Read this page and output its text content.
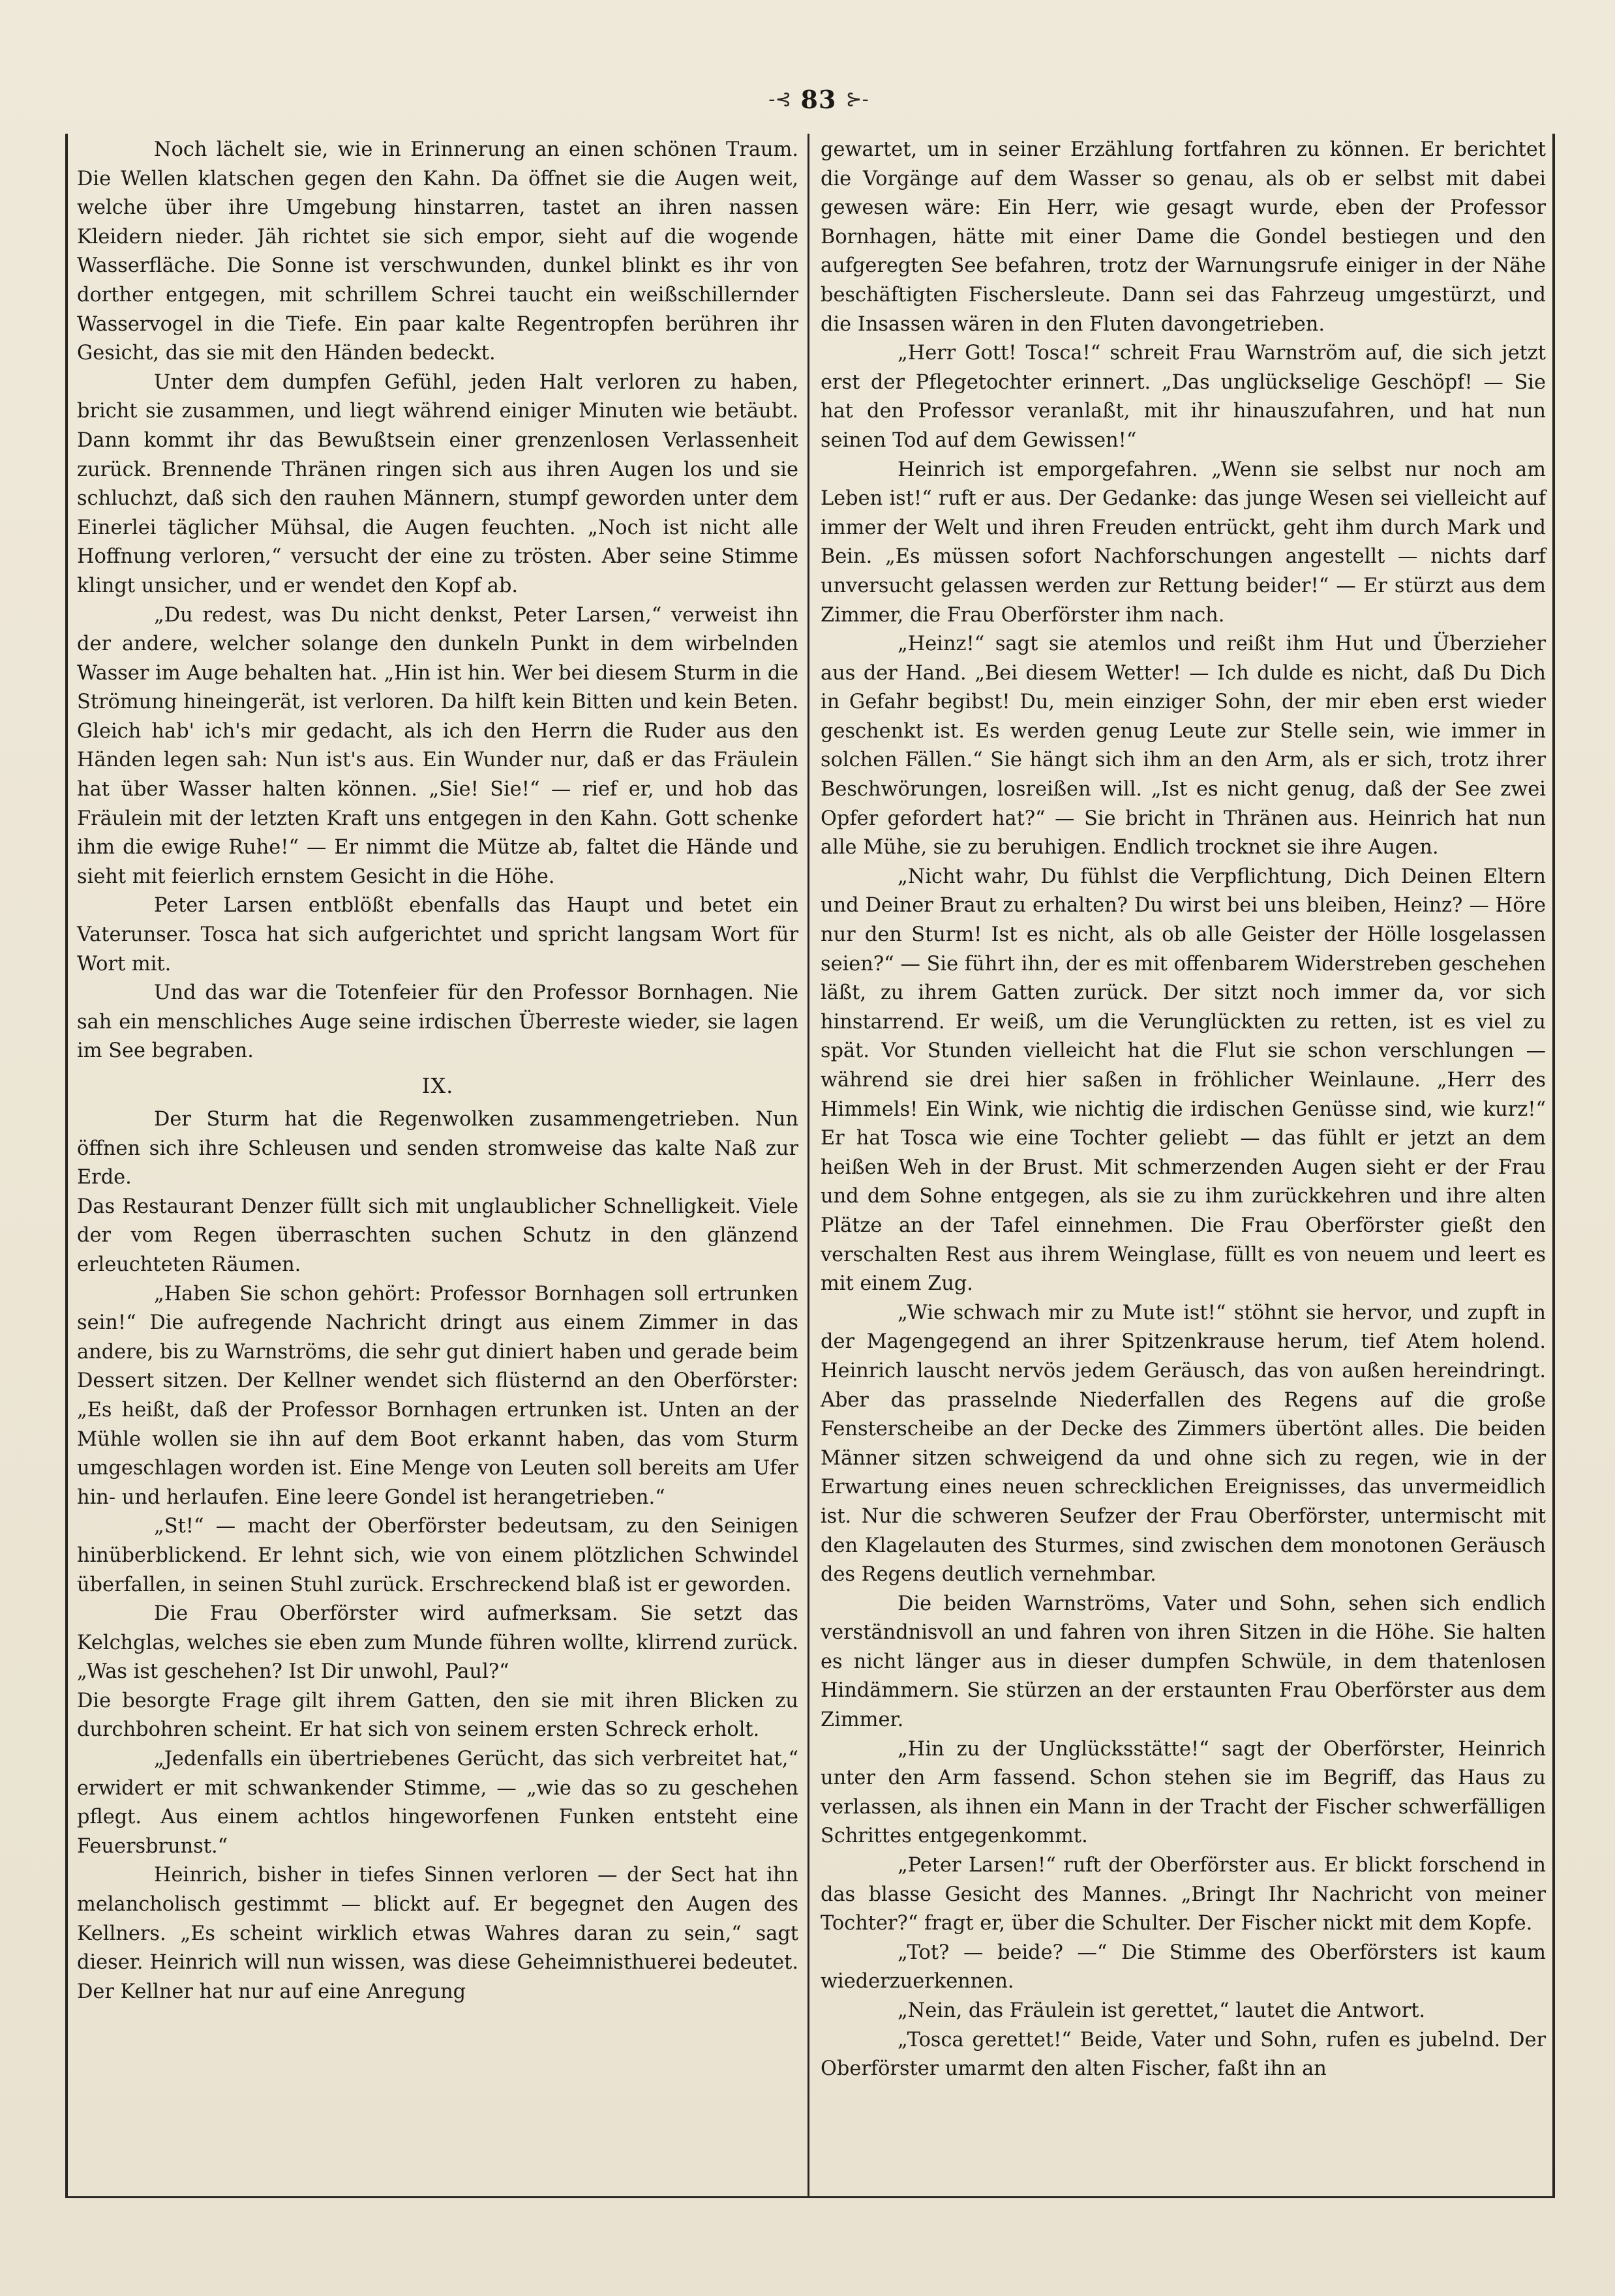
-⊰ 83 ⊱-

Noch lächelt sie, wie in Erinnerung an einen schönen Traum. Die Wellen klatschen gegen den Kahn. Da öffnet sie die Augen weit, welche über ihre Umgebung hinstarren, tastet an ihren nassen Kleidern nieder. Jäh richtet sie sich empor, sieht auf die wogende Wasserfläche. Die Sonne ist verschwunden, dunkel blinkt es ihr von dorther entgegen, mit schrillem Schrei taucht ein weißschillernder Wasservogel in die Tiefe. Ein paar kalte Regentropfen berühren ihr Gesicht, das sie mit den Händen bedeckt.

Unter dem dumpfen Gefühl, jeden Halt verloren zu haben, bricht sie zusammen, und liegt während einiger Minuten wie betäubt. Dann kommt ihr das Bewußtsein einer grenzenlosen Verlassenheit zurück. Brennende Thränen ringen sich aus ihren Augen los und sie schluchzt, daß sich den rauhen Männern, stumpf geworden unter dem Einerlei täglicher Mühsal, die Augen feuchten. „Noch ist nicht alle Hoffnung verloren,“ versucht der eine zu trösten. Aber seine Stimme klingt unsicher, und er wendet den Kopf ab.

„Du redest, was Du nicht denkst, Peter Larsen,“ verweist ihn der andere, welcher solange den dunkeln Punkt in dem wirbelnden Wasser im Auge behalten hat. „Hin ist hin. Wer bei diesem Sturm in die Strömung hineingerät, ist verloren. Da hilft kein Bitten und kein Beten. Gleich hab' ich's mir gedacht, als ich den Herrn die Ruder aus den Händen legen sah: Nun ist's aus. Ein Wunder nur, daß er das Fräulein hat über Wasser halten können. „Sie! Sie!“ — rief er, und hob das Fräulein mit der letzten Kraft uns entgegen in den Kahn. Gott schenke ihm die ewige Ruhe!“ — Er nimmt die Mütze ab, faltet die Hände und sieht mit feierlich ernstem Gesicht in die Höhe.

Peter Larsen entblößt ebenfalls das Haupt und betet ein Vaterunser. Tosca hat sich aufgerichtet und spricht langsam Wort für Wort mit.

Und das war die Totenfeier für den Professor Bornhagen. Nie sah ein menschliches Auge seine irdischen Überreste wieder, sie lagen im See begraben.

IX.

Der Sturm hat die Regenwolken zusammengetrieben. Nun öffnen sich ihre Schleusen und senden stromweise das kalte Naß zur Erde.

Das Restaurant Denzer füllt sich mit unglaublicher Schnelligkeit. Viele der vom Regen überraschten suchen Schutz in den glänzend erleuchteten Räumen.

„Haben Sie schon gehört: Professor Bornhagen soll ertrunken sein!“ Die aufregende Nachricht dringt aus einem Zimmer in das andere, bis zu Warnströms, die sehr gut diniert haben und gerade beim Dessert sitzen. Der Kellner wendet sich flüsternd an den Oberförster: „Es heißt, daß der Professor Bornhagen ertrunken ist. Unten an der Mühle wollen sie ihn auf dem Boot erkannt haben, das vom Sturm umgeschlagen worden ist. Eine Menge von Leuten soll bereits am Ufer hin- und herlaufen. Eine leere Gondel ist herangetrieben.“

„St!“ — macht der Oberförster bedeutsam, zu den Seinigen hinüberblickend. Er lehnt sich, wie von einem plötzlichen Schwindel überfallen, in seinen Stuhl zurück. Erschreckend blaß ist er geworden.

Die Frau Oberförster wird aufmerksam. Sie setzt das Kelchglas, welches sie eben zum Munde führen wollte, klirrend zurück. „Was ist geschehen? Ist Dir unwohl, Paul?“

Die besorgte Frage gilt ihrem Gatten, den sie mit ihren Blicken zu durchbohren scheint. Er hat sich von seinem ersten Schreck erholt.

„Jedenfalls ein übertriebenes Gerücht, das sich verbreitet hat,“ erwidert er mit schwankender Stimme, — „wie das so zu geschehen pflegt. Aus einem achtlos hingeworfenen Funken entsteht eine Feuersbrunst.“

Heinrich, bisher in tiefes Sinnen verloren — der Sect hat ihn melancholisch gestimmt — blickt auf. Er begegnet den Augen des Kellners. „Es scheint wirklich etwas Wahres daran zu sein,“ sagt dieser. Heinrich will nun wissen, was diese Geheimnisthuerei bedeutet. Der Kellner hat nur auf eine Anregung

gewartet, um in seiner Erzählung fortfahren zu können. Er berichtet die Vorgänge auf dem Wasser so genau, als ob er selbst mit dabei gewesen wäre: Ein Herr, wie gesagt wurde, eben der Professor Bornhagen, hätte mit einer Dame die Gondel bestiegen und den aufgeregten See befahren, trotz der Warnungsrufe einiger in der Nähe beschäftigten Fischersleute. Dann sei das Fahrzeug umgestürzt, und die Insassen wären in den Fluten davongetrieben.

„Herr Gott! Tosca!“ schreit Frau Warnström auf, die sich jetzt erst der Pflegetochter erinnert. „Das unglückselige Geschöpf! — Sie hat den Professor veranlaßt, mit ihr hinauszufahren, und hat nun seinen Tod auf dem Gewissen!“

Heinrich ist emporgefahren. „Wenn sie selbst nur noch am Leben ist!“ ruft er aus. Der Gedanke: das junge Wesen sei vielleicht auf immer der Welt und ihren Freuden entrückt, geht ihm durch Mark und Bein. „Es müssen sofort Nachforschungen angestellt — nichts darf unversucht gelassen werden zur Rettung beider!“ — Er stürzt aus dem Zimmer, die Frau Oberförster ihm nach.

„Heinz!“ sagt sie atemlos und reißt ihm Hut und Überzieher aus der Hand. „Bei diesem Wetter! — Ich dulde es nicht, daß Du Dich in Gefahr begibst! Du, mein einziger Sohn, der mir eben erst wieder geschenkt ist. Es werden genug Leute zur Stelle sein, wie immer in solchen Fällen.“ Sie hängt sich ihm an den Arm, als er sich, trotz ihrer Beschwörungen, losreißen will. „Ist es nicht genug, daß der See zwei Opfer gefordert hat?“ — Sie bricht in Thränen aus. Heinrich hat nun alle Mühe, sie zu beruhigen. Endlich trocknet sie ihre Augen.

„Nicht wahr, Du fühlst die Verpflichtung, Dich Deinen Eltern und Deiner Braut zu erhalten? Du wirst bei uns bleiben, Heinz? — Höre nur den Sturm! Ist es nicht, als ob alle Geister der Hölle losgelassen seien?“ — Sie führt ihn, der es mit offenbarem Widerstreben geschehen läßt, zu ihrem Gatten zurück. Der sitzt noch immer da, vor sich hinstarrend. Er weiß, um die Verunglückten zu retten, ist es viel zu spät. Vor Stunden vielleicht hat die Flut sie schon verschlungen — während sie drei hier saßen in fröhlicher Weinlaune. „Herr des Himmels! Ein Wink, wie nichtig die irdischen Genüsse sind, wie kurz!“ Er hat Tosca wie eine Tochter geliebt — das fühlt er jetzt an dem heißen Weh in der Brust. Mit schmerzenden Augen sieht er der Frau und dem Sohne entgegen, als sie zu ihm zurückkehren und ihre alten Plätze an der Tafel einnehmen. Die Frau Oberförster gießt den verschalten Rest aus ihrem Weinglase, füllt es von neuem und leert es mit einem Zug.

„Wie schwach mir zu Mute ist!“ stöhnt sie hervor, und zupft in der Magengegend an ihrer Spitzenkrause herum, tief Atem holend. Heinrich lauscht nervös jedem Geräusch, das von außen hereindringt. Aber das prasselnde Niederfallen des Regens auf die große Fensterscheibe an der Decke des Zimmers übertönt alles. Die beiden Männer sitzen schweigend da und ohne sich zu regen, wie in der Erwartung eines neuen schrecklichen Ereignisses, das unvermeidlich ist. Nur die schweren Seufzer der Frau Oberförster, untermischt mit den Klagelauten des Sturmes, sind zwischen dem monotonen Geräusch des Regens deutlich vernehmbar.

Die beiden Warnströms, Vater und Sohn, sehen sich endlich verständnisvoll an und fahren von ihren Sitzen in die Höhe. Sie halten es nicht länger aus in dieser dumpfen Schwüle, in dem thatenlosen Hindämmern. Sie stürzen an der erstaunten Frau Oberförster aus dem Zimmer.

„Hin zu der Unglücksstätte!“ sagt der Oberförster, Heinrich unter den Arm fassend. Schon stehen sie im Begriff, das Haus zu verlassen, als ihnen ein Mann in der Tracht der Fischer schwerfälligen Schrittes entgegenkommt.

„Peter Larsen!“ ruft der Oberförster aus. Er blickt forschend in das blasse Gesicht des Mannes. „Bringt Ihr Nachricht von meiner Tochter?“ fragt er, über die Schulter. Der Fischer nickt mit dem Kopfe.

„Tot? — beide? —“ Die Stimme des Oberförsters ist kaum wiederzuerkennen.

„Nein, das Fräulein ist gerettet,“ lautet die Antwort.

„Tosca gerettet!“ Beide, Vater und Sohn, rufen es jubelnd. Der Oberförster umarmt den alten Fischer, faßt ihn an
